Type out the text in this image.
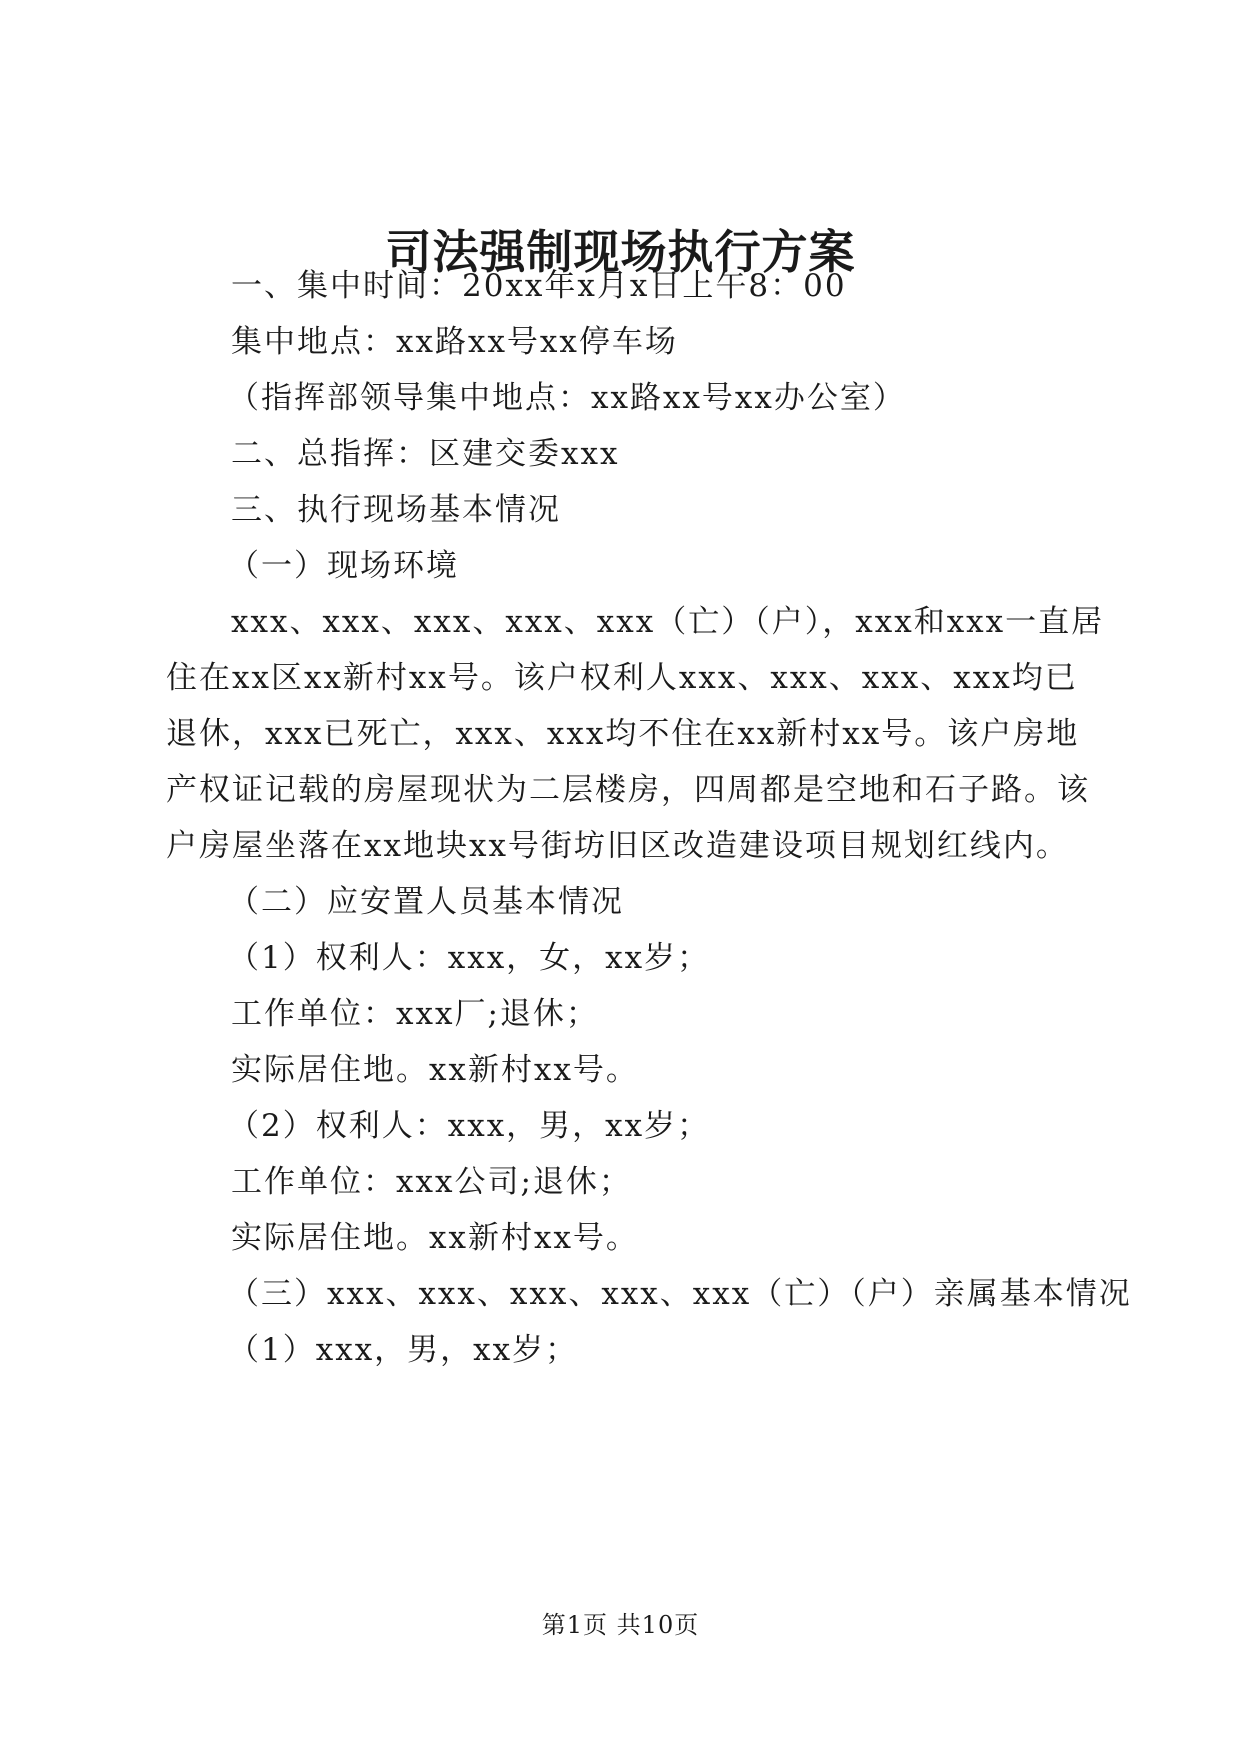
司法强制现场执行方案

一、集中时间：20xx年x月x日上午8：00

集中地点：xx路xx号xx停车场

（指挥部领导集中地点：xx路xx号xx办公室）

二、总指挥：区建交委xxx

三、执行现场基本情况

（一）现场环境

xxx、xxx、xxx、xxx、xxx（亡）（户），xxx和xxx一直居

住在xx区xx新村xx号。该户权利人xxx、xxx、xxx、xxx均已

退休，xxx已死亡，xxx、xxx均不住在xx新村xx号。该户房地

产权证记载的房屋现状为二层楼房，四周都是空地和石子路。该

户房屋坐落在xx地块xx号街坊旧区改造建设项目规划红线内。

（二）应安置人员基本情况

（1）权利人：xxx，女，xx岁；

工作单位：xxx厂;退休；

实际居住地。xx新村xx号。

（2）权利人：xxx，男，xx岁；

工作单位：xxx公司;退休；

实际居住地。xx新村xx号。

（三）xxx、xxx、xxx、xxx、xxx（亡）（户）亲属基本情况

（1）xxx，男，xx岁；

第1页 共10页
